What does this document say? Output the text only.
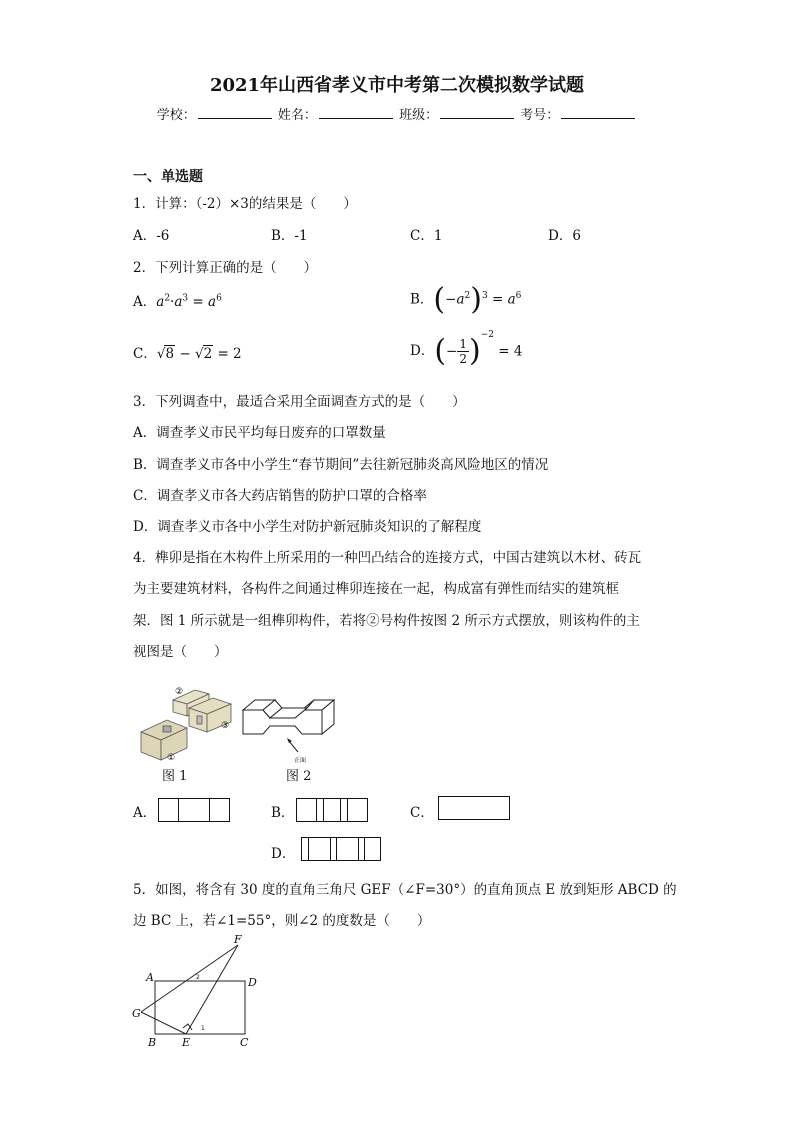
2021年山西省孝义市中考第二次模拟数学试题
学校：	姓名：	班级：	考号：
一、单选题
1．计算：（-2）×3的结果是（　　）
A．-6	B．-1	C．1	D．6
2．下列计算正确的是（　　）
A．$a^2\cdot a^3 = a^6$	B．$(-a^2)^3 = a^6$
C．√8 − √2 = 2	D．(− $\frac{1}{2} )^{-2} = 4$
3．下列调查中，最适合采用全面调查方式的是（　　）
A．调查孝义市民平均每日废弃的口罩数量
B．调查孝义市各中小学生“春节期间”去往新冠肺炎高风险地区的情况
C．调查孝义市各大药店销售的防护口罩的合格率
D．调查孝义市各中小学生对防护新冠肺炎知识的了解程度
4．榫卯是指在木构件上所采用的一种凹凸结合的连接方式，中国古建筑以木材、砖瓦
为主要建筑材料，各构件之间通过榫卯连接在一起，构成富有弹性而结实的建筑框
架．图 1 所示就是一组榫卯构件，若将②号构件按图 2 所示方式摆放，则该构件的主
视图是（　　）
②
③
①
图 1
正面
图 2
A．	B．	C．
D．
5．如图，将含有 30 度的直角三角尺 GEF（∠F=30°）的直角顶点 E 放到矩形 ABCD 的
边 BC 上，若∠1=55°，则∠2 的度数是（　　）
A	D
B E	C
F
G
2
1
